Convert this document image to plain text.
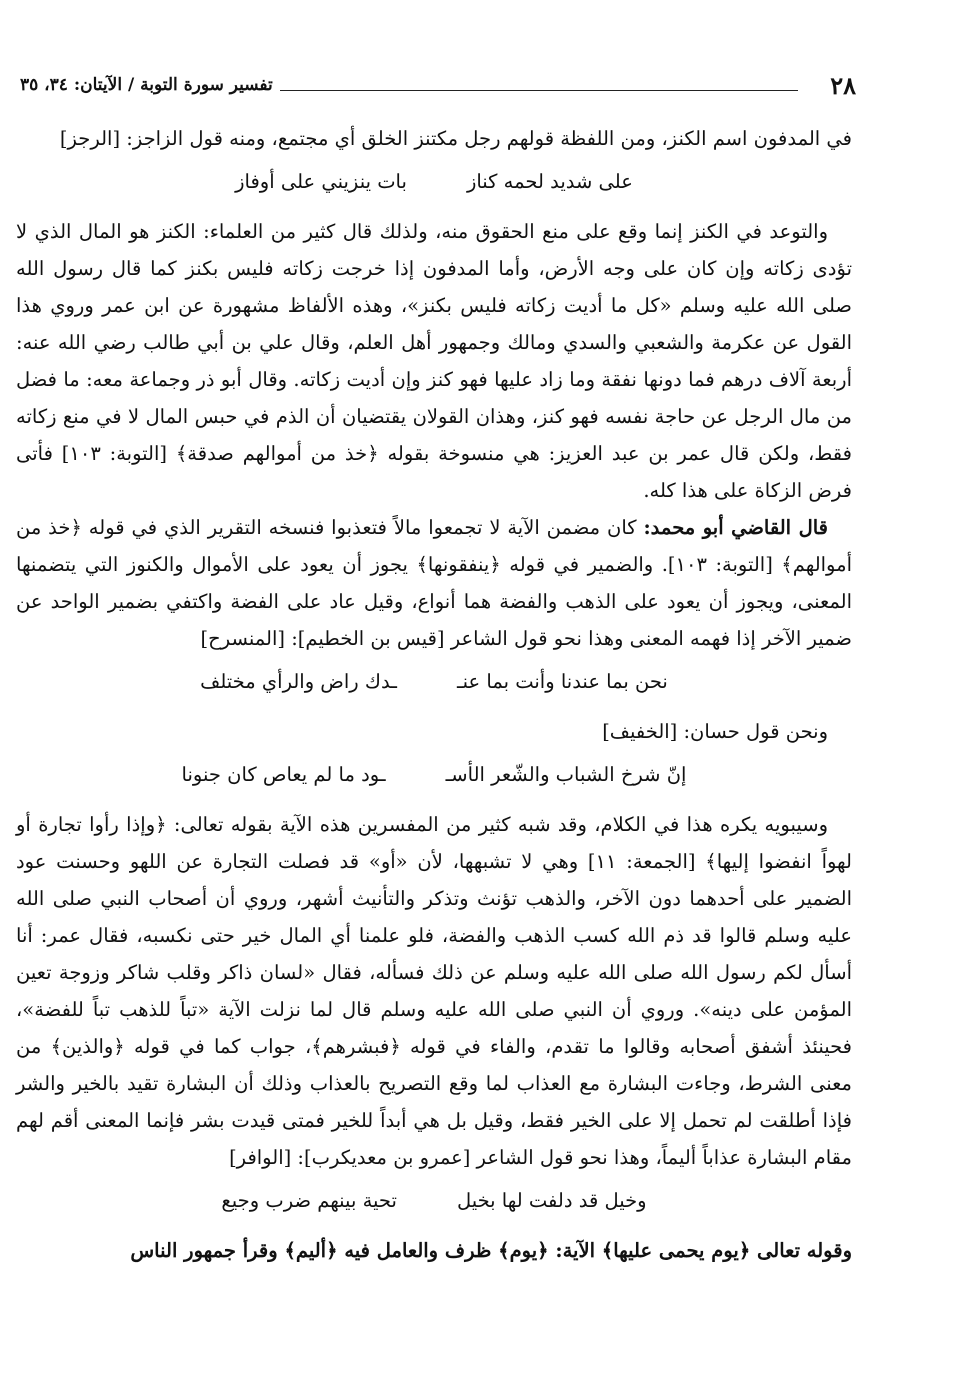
٢٨
تفسير سورة التوبة / الآيتان: ٣٤، ٣٥

في المدفون اسم الكنز، ومن اللفظة قولهم رجل مكتنز الخلق أي مجتمع، ومنه قول الزاجز: [الرجز]

على شديد لحمه كناز
بات ينزيني على أوفاز

والتوعد في الكنز إنما وقع على منع الحقوق منه، ولذلك قال كثير من العلماء: الكنز هو المال الذي لا تؤدى زكاته وإن كان على وجه الأرض، وأما المدفون إذا خرجت زكاته فليس بكنز كما قال رسول الله صلى الله عليه وسلم «كل ما أديت زكاته فليس بكنز»، وهذه الألفاظ مشهورة عن ابن عمر وروي هذا القول عن عكرمة والشعبي والسدي ومالك وجمهور أهل العلم، وقال علي بن أبي طالب رضي الله عنه: أربعة آلاف درهم فما دونها نفقة وما زاد عليها فهو كنز وإن أديت زكاته. وقال أبو ذر وجماعة معه: ما فضل من مال الرجل عن حاجة نفسه فهو كنز، وهذان القولان يقتضيان أن الذم في حبس المال لا في منع زكاته فقط، ولكن قال عمر بن عبد العزيز: هي منسوخة بقوله ﴿خذ من أموالهم صدقة﴾ [التوبة: ١٠٣] فأتى فرض الزكاة على هذا كله.

قال القاضي أبو محمد: كان مضمن الآية لا تجمعوا مالاً فتعذبوا فنسخه التقرير الذي في قوله ﴿خذ من أموالهم﴾ [التوبة: ١٠٣]. والضمير في قوله ﴿ينفقونها﴾ يجوز أن يعود على الأموال والكنوز التي يتضمنها المعنى، ويجوز أن يعود على الذهب والفضة هما أنواع، وقيل عاد على الفضة واكتفي بضمير الواحد عن ضمير الآخر إذا فهمه المعنى وهذا نحو قول الشاعر [قيس بن الخطيم]: [المنسرح]

نحن بما عندنا وأنت بما عنـ
ـدك راض والرأي مختلف

ونحن قول حسان: [الخفيف]

إنّ شرخ الشباب والشّعر الأسـ
ـود ما لم يعاص كان جنونا

وسيبويه يكره هذا في الكلام، وقد شبه كثير من المفسرين هذه الآية بقوله تعالى: ﴿وإذا رأوا تجارة أو لهواً انفضوا إليها﴾ [الجمعة: ١١] وهي لا تشبهها، لأن «أو» قد فصلت التجارة عن اللهو وحسنت عود الضمير على أحدهما دون الآخر، والذهب تؤنث وتذكر والتأنيث أشهر، وروي أن أصحاب النبي صلى الله عليه وسلم قالوا قد ذم الله كسب الذهب والفضة، فلو علمنا أي المال خير حتى نكسبه، فقال عمر: أنا أسأل لكم رسول الله صلى الله عليه وسلم عن ذلك فسأله، فقال «لسان ذاكر وقلب شاكر وزوجة تعين المؤمن على دينه». وروي أن النبي صلى الله عليه وسلم قال لما نزلت الآية «تباً للذهب تباً للفضة»، فحينئذ أشفق أصحابه وقالوا ما تقدم، والفاء في قوله ﴿فبشرهم﴾، جواب كما في قوله ﴿والذين﴾ من معنى الشرط، وجاءت البشارة مع العذاب لما وقع التصريح بالعذاب وذلك أن البشارة تقيد بالخير والشر فإذا أطلقت لم تحمل إلا على الخير فقط، وقيل بل هي أبداً للخير فمتى قيدت بشر فإنما المعنى أقم لهم مقام البشارة عذاباً أليماً، وهذا نحو قول الشاعر [عمرو بن معديكرب]: [الوافر]

وخيل قد دلفت لها بخيل
تحية بينهم ضرب وجيع

وقوله تعالى ﴿يوم يحمى عليها﴾ الآية: ﴿يوم﴾ ظرف والعامل فيه ﴿أليم﴾ وقرأ جمهور الناس
